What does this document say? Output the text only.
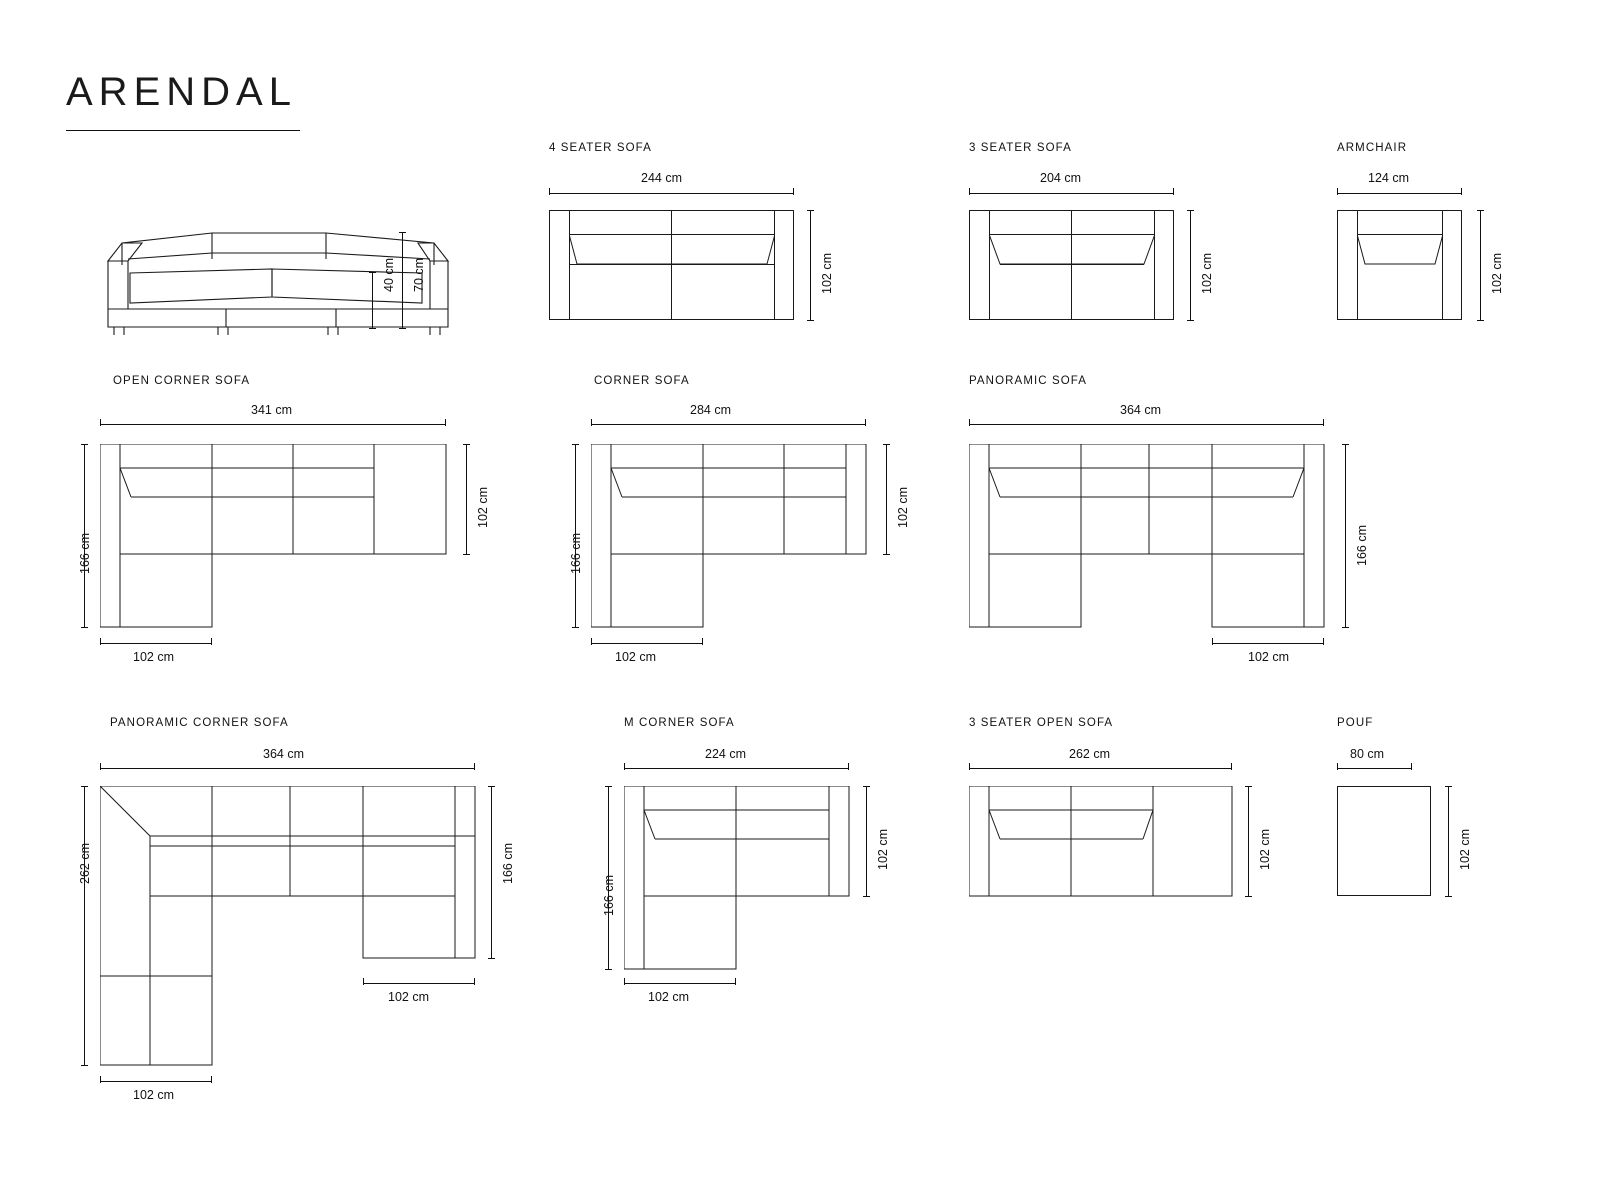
ARENDAL
70 cm
40 cm
4 SEATER SOFA
244 cm
102 cm
3 SEATER SOFA
204 cm
102 cm
ARMCHAIR
124 cm
102 cm
OPEN CORNER SOFA
341 cm
166 cm
102 cm
102 cm
CORNER SOFA
284 cm
166 cm
102 cm
102 cm
PANORAMIC SOFA
364 cm
166 cm
102 cm
PANORAMIC CORNER SOFA
364 cm
262 cm	166 cm
102 cm
102 cm
M CORNER SOFA
224 cm
166 cm
102 cm
102 cm
3 SEATER OPEN SOFA
262 cm
102 cm
POUF
80 cm
102 cm
